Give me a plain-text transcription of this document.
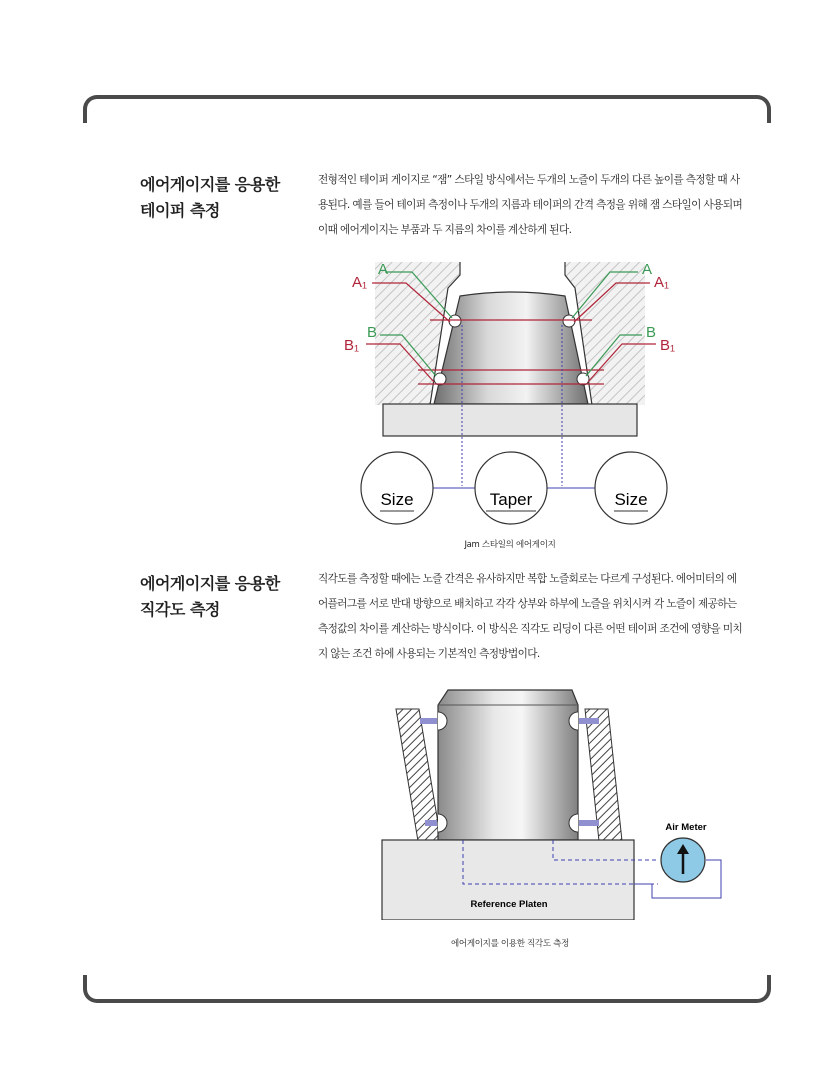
에어게이지를 응용한
테이퍼 측정
전형적인 테이퍼 게이지로 “잼” 스타일 방식에서는 두개의 노즐이 두개의 다른 높이를 측정할 때 사용된다. 예를 들어 테이퍼 측정이나 두개의 지름과 테이퍼의 간격 측정을 위해 잼 스타일이 사용되며 이때 에어게이지는 부품과 두 지름의 차이를 계산하게 된다.
A
A₁
B
B₁
A
A₁
B
B₁
Size	Taper	Size
Jam 스타일의 에어게이지
에어게이지를 응용한
직각도 측정
직각도를 측정할 때에는 노즐 간격은 유사하지만 복합 노즐회로는 다르게 구성된다. 에어미터의 에어플러그를 서로 반대 방향으로 배치하고 각각 상부와 하부에 노즐을 위치시켜 각 노즐이 제공하는 측정값의 차이를 계산하는 방식이다. 이 방식은 직각도 리딩이 다른 어떤 테이퍼 조건에 영향을 미치지 않는 조건 하에 사용되는 기본적인 측정방법이다.
Reference Platen
Air Meter
에어게이지를 이용한 직각도 측정
